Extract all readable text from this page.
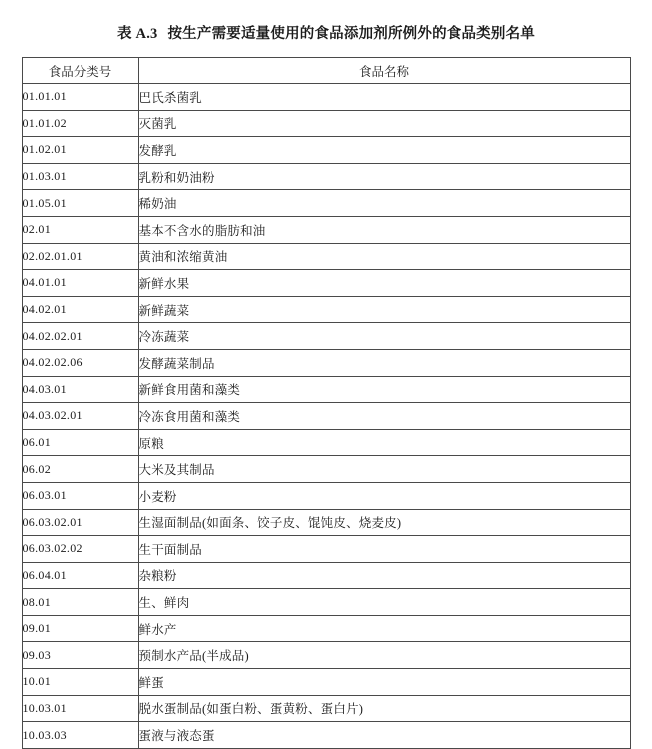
表 A.3 按生产需要适量使用的食品添加剂所例外的食品类别名单
食品分类号	食品名称
01.01.01	巴氏杀菌乳
01.01.02	灭菌乳
01.02.01	发酵乳
01.03.01	乳粉和奶油粉
01.05.01	稀奶油
02.01	基本不含水的脂肪和油
02.02.01.01	黄油和浓缩黄油
04.01.01	新鲜水果
04.02.01	新鲜蔬菜
04.02.02.01	冷冻蔬菜
04.02.02.06	发酵蔬菜制品
04.03.01	新鲜食用菌和藻类
04.03.02.01	冷冻食用菌和藻类
06.01	原粮
06.02	大米及其制品
06.03.01	小麦粉
06.03.02.01	生湿面制品(如面条、饺子皮、馄饨皮、烧麦皮)
06.03.02.02	生干面制品
06.04.01	杂粮粉
08.01	生、鲜肉
09.01	鲜水产
09.03	预制水产品(半成品)
10.01	鲜蛋
10.03.01	脱水蛋制品(如蛋白粉、蛋黄粉、蛋白片)
10.03.03	蛋液与液态蛋
